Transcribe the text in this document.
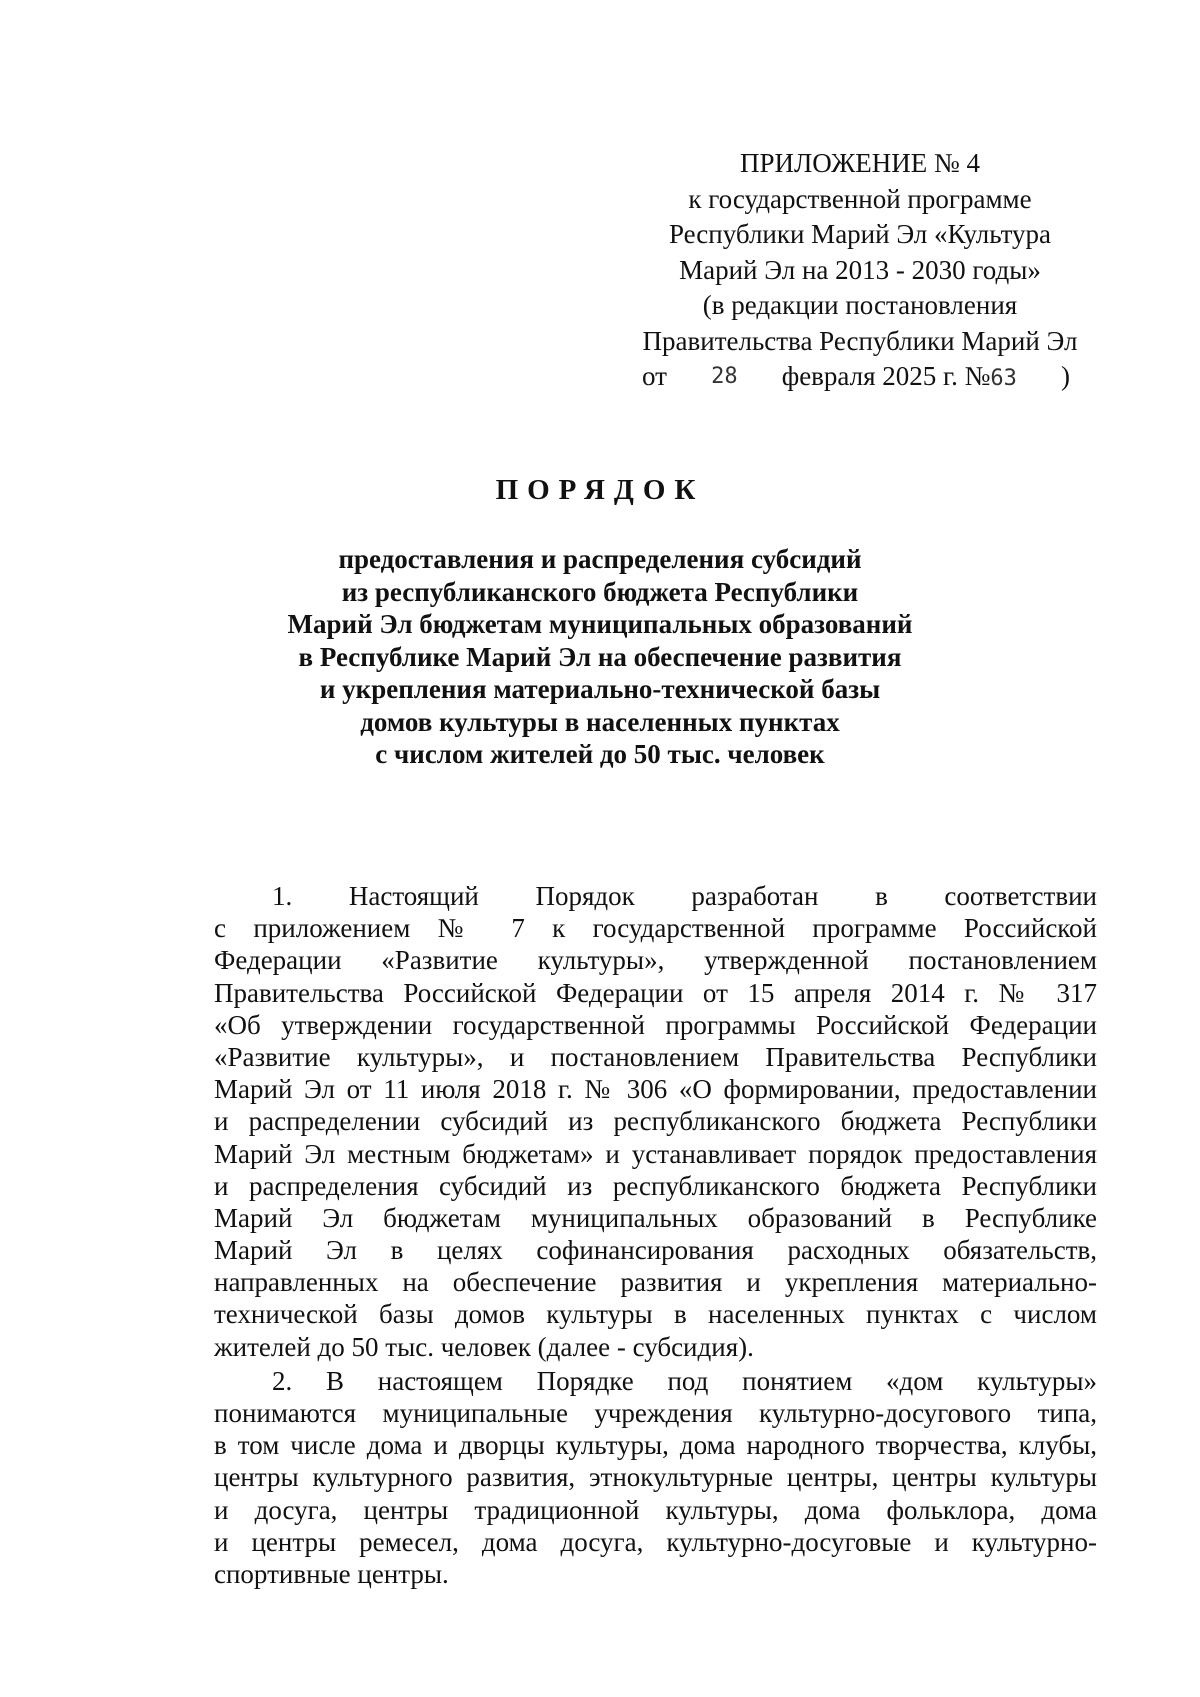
ПРИЛОЖЕНИЕ № 4
к государственной программе
Республики Марий Эл «Культура
Марий Эл на 2013 - 2030 годы»
(в редакции постановления
Правительства Республики Марий Эл
от 28 февраля 2025 г. №63 )
ПОРЯДОК
предоставления и распределения субсидий
из республиканского бюджета Республики
Марий Эл бюджетам муниципальных образований
в Республике Марий Эл на обеспечение развития
и укрепления материально-технической базы
домов культуры в населенных пунктах
с числом жителей до 50 тыс. человек
1. Настоящий Порядок разработан в соответствии
с приложением № 7 к государственной программе Российской
Федерации «Развитие культуры», утвержденной постановлением
Правительства Российской Федерации от 15 апреля 2014 г. № 317
«Об утверждении государственной программы Российской Федерации
«Развитие культуры», и постановлением Правительства Республики
Марий Эл от 11 июля 2018 г. № 306 «О формировании, предоставлении
и распределении субсидий из республиканского бюджета Республики
Марий Эл местным бюджетам» и устанавливает порядок предоставления
и распределения субсидий из республиканского бюджета Республики
Марий Эл бюджетам муниципальных образований в Республике
Марий Эл в целях софинансирования расходных обязательств,
направленных на обеспечение развития и укрепления материально-
технической базы домов культуры в населенных пунктах с числом
жителей до 50 тыс. человек (далее - субсидия).
2. В настоящем Порядке под понятием «дом культуры»
понимаются муниципальные учреждения культурно-досугового типа,
в том числе дома и дворцы культуры, дома народного творчества, клубы,
центры культурного развития, этнокультурные центры, центры культуры
и досуга, центры традиционной культуры, дома фольклора, дома
и центры ремесел, дома досуга, культурно-досуговые и культурно-
спортивные центры.
